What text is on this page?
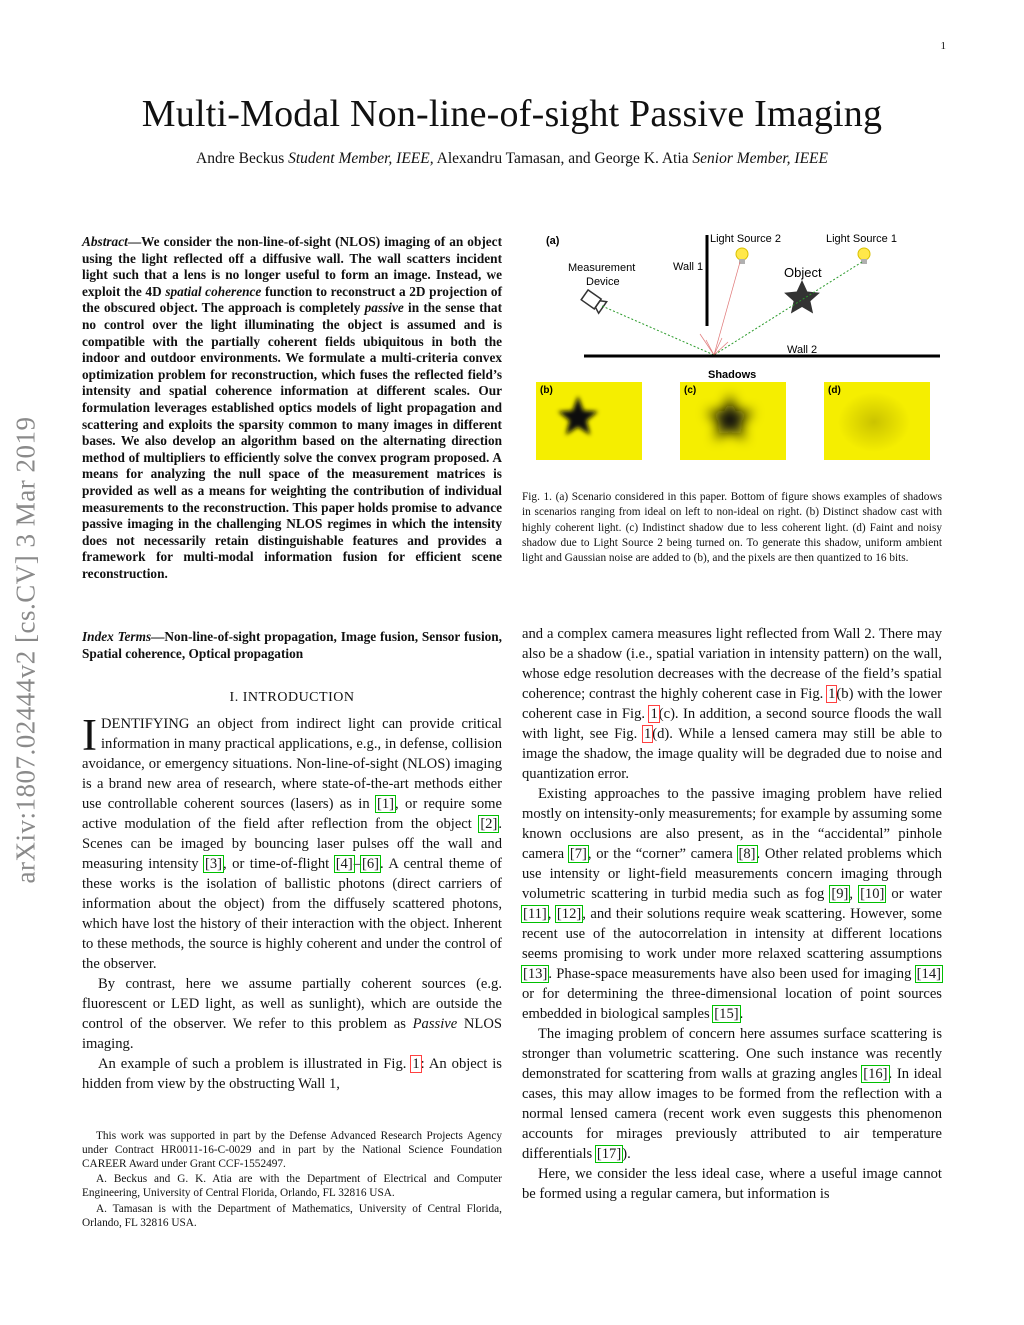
1
Multi-Modal Non-line-of-sight Passive Imaging
Andre Beckus Student Member, IEEE, Alexandru Tamasan, and George K. Atia Senior Member, IEEE
arXiv:1807.02444v2 [cs.CV] 3 Mar 2019

Abstract—We consider the non-line-of-sight (NLOS) imaging of an object using the light reflected off a diffusive wall. The wall scatters incident light such that a lens is no longer useful to form an image. Instead, we exploit the 4D spatial coherence function to reconstruct a 2D projection of the obscured object. The approach is completely passive in the sense that no control over the light illuminating the object is assumed and is compatible with the partially coherent fields ubiquitous in both the indoor and outdoor environments. We formulate a multi-criteria convex optimization problem for reconstruction, which fuses the reflected field’s intensity and spatial coherence information at different scales. Our formulation leverages established optics models of light propagation and scattering and exploits the sparsity common to many images in different bases. We also develop an algorithm based on the alternating direction method of multipliers to efficiently solve the convex program proposed. A means for analyzing the null space of the measurement matrices is provided as well as a means for weighting the contribution of individual measurements to the reconstruction. This paper holds promise to advance passive imaging in the challenging NLOS regimes in which the intensity does not necessarily retain distinguishable features and provides a framework for multi-modal information fusion for efficient scene reconstruction.

Index Terms—Non-line-of-sight propagation, Image fusion, Sensor fusion, Spatial coherence, Optical propagation

I. INTRODUCTION

IDENTIFYING an object from indirect light can provide critical information in many practical applications, e.g., in defense, collision avoidance, or emergency situations. Non-line-of-sight (NLOS) imaging is a brand new area of research, where state-of-the-art methods either use controllable coherent sources (lasers) as in [1], or require some active modulation of the field after reflection from the object [2]. Scenes can be imaged by bouncing laser pulses off the wall and measuring intensity [3], or time-of-flight [4]–[6]. A central theme of these works is the isolation of ballistic photons (direct carriers of information about the object) from the diffusely scattered photons, which have lost the history of their interaction with the object. Inherent to these methods, the source is highly coherent and under the control of the observer.

By contrast, here we assume partially coherent sources (e.g. fluorescent or LED light, as well as sunlight), which are outside the control of the observer. We refer to this problem as Passive NLOS imaging.

An example of such a problem is illustrated in Fig. 1: An object is hidden from view by the obstructing Wall 1,

This work was supported in part by the Defense Advanced Research Projects Agency under Contract HR0011-16-C-0029 and in part by the National Science Foundation CAREER Award under Grant CCF-1552497.

A. Beckus and G. K. Atia are with the Department of Electrical and Computer Engineering, University of Central Florida, Orlando, FL 32816 USA.

A. Tamasan is with the Department of Mathematics, University of Central Florida, Orlando, FL 32816 USA.

(a)
Wall 1
Light Source 2	Light Source 1
Measurement
Device
Object
Wall 2
Shadows
(b)	(c)	(d)
Fig. 1. (a) Scenario considered in this paper. Bottom of figure shows examples of shadows in scenarios ranging from ideal on left to non-ideal on right. (b) Distinct shadow cast with highly coherent light. (c) Indistinct shadow due to less coherent light. (d) Faint and noisy shadow due to Light Source 2 being turned on. To generate this shadow, uniform ambient light and Gaussian noise are added to (b), and the pixels are then quantized to 16 bits.

and a complex camera measures light reflected from Wall 2. There may also be a shadow (i.e., spatial variation in intensity pattern) on the wall, whose edge resolution decreases with the decrease of the field’s spatial coherence; contrast the highly coherent case in Fig. 1(b) with the lower coherent case in Fig. 1(c). In addition, a second source floods the wall with light, see Fig. 1(d). While a lensed camera may still be able to image the shadow, the image quality will be degraded due to noise and quantization error.

Existing approaches to the passive imaging problem have relied mostly on intensity-only measurements; for example by assuming some known occlusions are also present, as in the “accidental” pinhole camera [7], or the “corner” camera [8]. Other related problems which use intensity or light-field measurements concern imaging through volumetric scattering in turbid media such as fog [9], [10] or water [11], [12], and their solutions require weak scattering. However, some recent use of the autocorrelation in intensity at different locations seems promising to work under more relaxed scattering assumptions [13]. Phase-space measurements have also been used for imaging [14] or for determining the three-dimensional location of point sources embedded in biological samples [15].

The imaging problem of concern here assumes surface scattering is stronger than volumetric scattering. One such instance was recently demonstrated for scattering from walls at grazing angles [16]. In ideal cases, this may allow images to be formed from the reflection with a normal lensed camera (recent work even suggests this phenomenon accounts for mirages previously attributed to air temperature differentials [17]).

Here, we consider the less ideal case, where a useful image cannot be formed using a regular camera, but information is
